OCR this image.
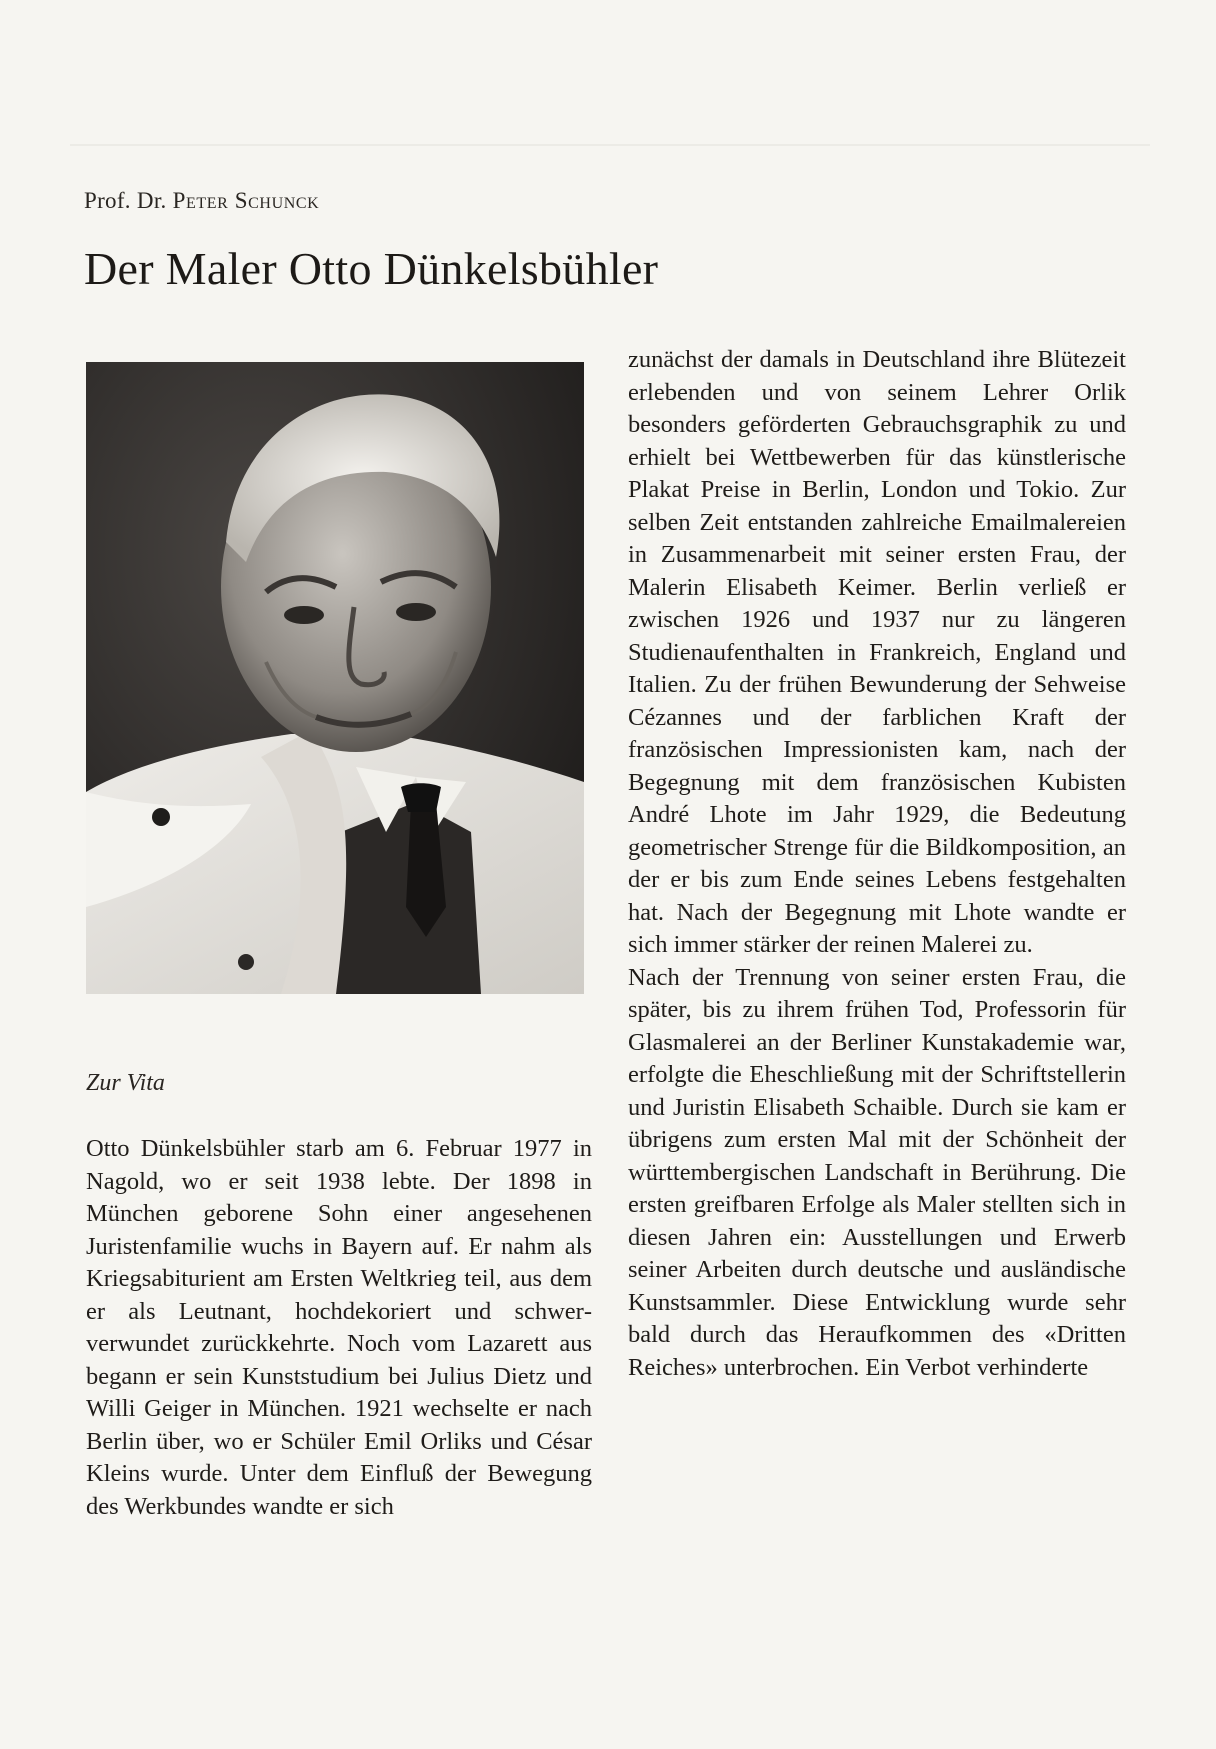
Prof. Dr. Peter Schunck
Der Maler Otto Dünkelsbühler
Zur Vita

Otto Dünkelsbühler starb am 6. Februar 1977 in Nagold, wo er seit 1938 lebte. Der 1898 in München geborene Sohn einer angesehenen Juristenfamilie wuchs in Bayern auf. Er nahm als Kriegsabiturient am Ersten Weltkrieg teil, aus dem er als Leutnant, hochdekoriert und schwerverwundet zurückkehrte. Noch vom Lazarett aus begann er sein Kunststudium bei Julius Dietz und Willi Geiger in München. 1921 wechselte er nach Berlin über, wo er Schüler Emil Orliks und César Kleins wurde. Unter dem Einfluß der Bewegung des Werkbundes wandte er sich

zunächst der damals in Deutschland ihre Blütezeit erlebenden und von seinem Lehrer Orlik besonders geförderten Gebrauchsgraphik zu und erhielt bei Wettbewerben für das künstlerische Plakat Preise in Berlin, London und Tokio. Zur selben Zeit entstanden zahlreiche Emailmalereien in Zusammenarbeit mit seiner ersten Frau, der Malerin Elisabeth Keimer. Berlin verließ er zwischen 1926 und 1937 nur zu längeren Studienaufenthalten in Frankreich, England und Italien. Zu der frühen Bewunderung der Sehweise Cézannes und der farblichen Kraft der französischen Impressionisten kam, nach der Begegnung mit dem französischen Kubisten André Lhote im Jahr 1929, die Bedeutung geometrischer Strenge für die Bildkomposition, an der er bis zum Ende seines Lebens festgehalten hat. Nach der Begegnung mit Lhote wandte er sich immer stärker der reinen Malerei zu.

Nach der Trennung von seiner ersten Frau, die später, bis zu ihrem frühen Tod, Professorin für Glasmalerei an der Berliner Kunstakademie war, erfolgte die Eheschließung mit der Schriftstellerin und Juristin Elisabeth Schaible. Durch sie kam er übrigens zum ersten Mal mit der Schönheit der württembergischen Landschaft in Berührung. Die ersten greifbaren Erfolge als Maler stellten sich in diesen Jahren ein: Ausstellungen und Erwerb seiner Arbeiten durch deutsche und ausländische Kunstsammler. Diese Entwicklung wurde sehr bald durch das Heraufkommen des «Dritten Reiches» unterbrochen. Ein Verbot verhinderte
